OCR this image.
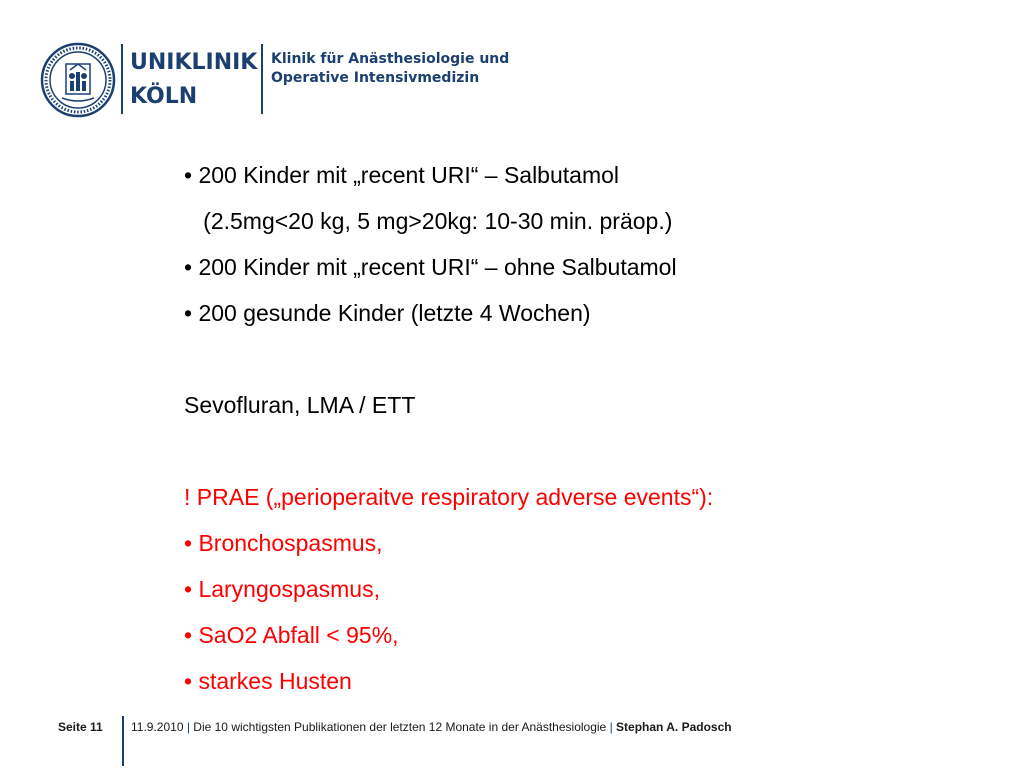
UNIKLINIK
KÖLN
Klinik für Anästhesiologie und
Operative Intensivmedizin
• 200 Kinder mit „recent URI“ – Salbutamol
(2.5mg<20 kg, 5 mg>20kg: 10-30 min. präop.)
• 200 Kinder mit „recent URI“ – ohne Salbutamol
• 200 gesunde Kinder (letzte 4 Wochen)
Sevofluran, LMA / ETT
! PRAE („perioperaitve respiratory adverse events“):
• Bronchospasmus,
• Laryngospasmus,
• SaO2 Abfall < 95%,
• starkes Husten
Seite 11 11.9.2010 | Die 10 wichtigsten Publikationen der letzten 12 Monate in der Anästhesiologie | Stephan A. Padosch
